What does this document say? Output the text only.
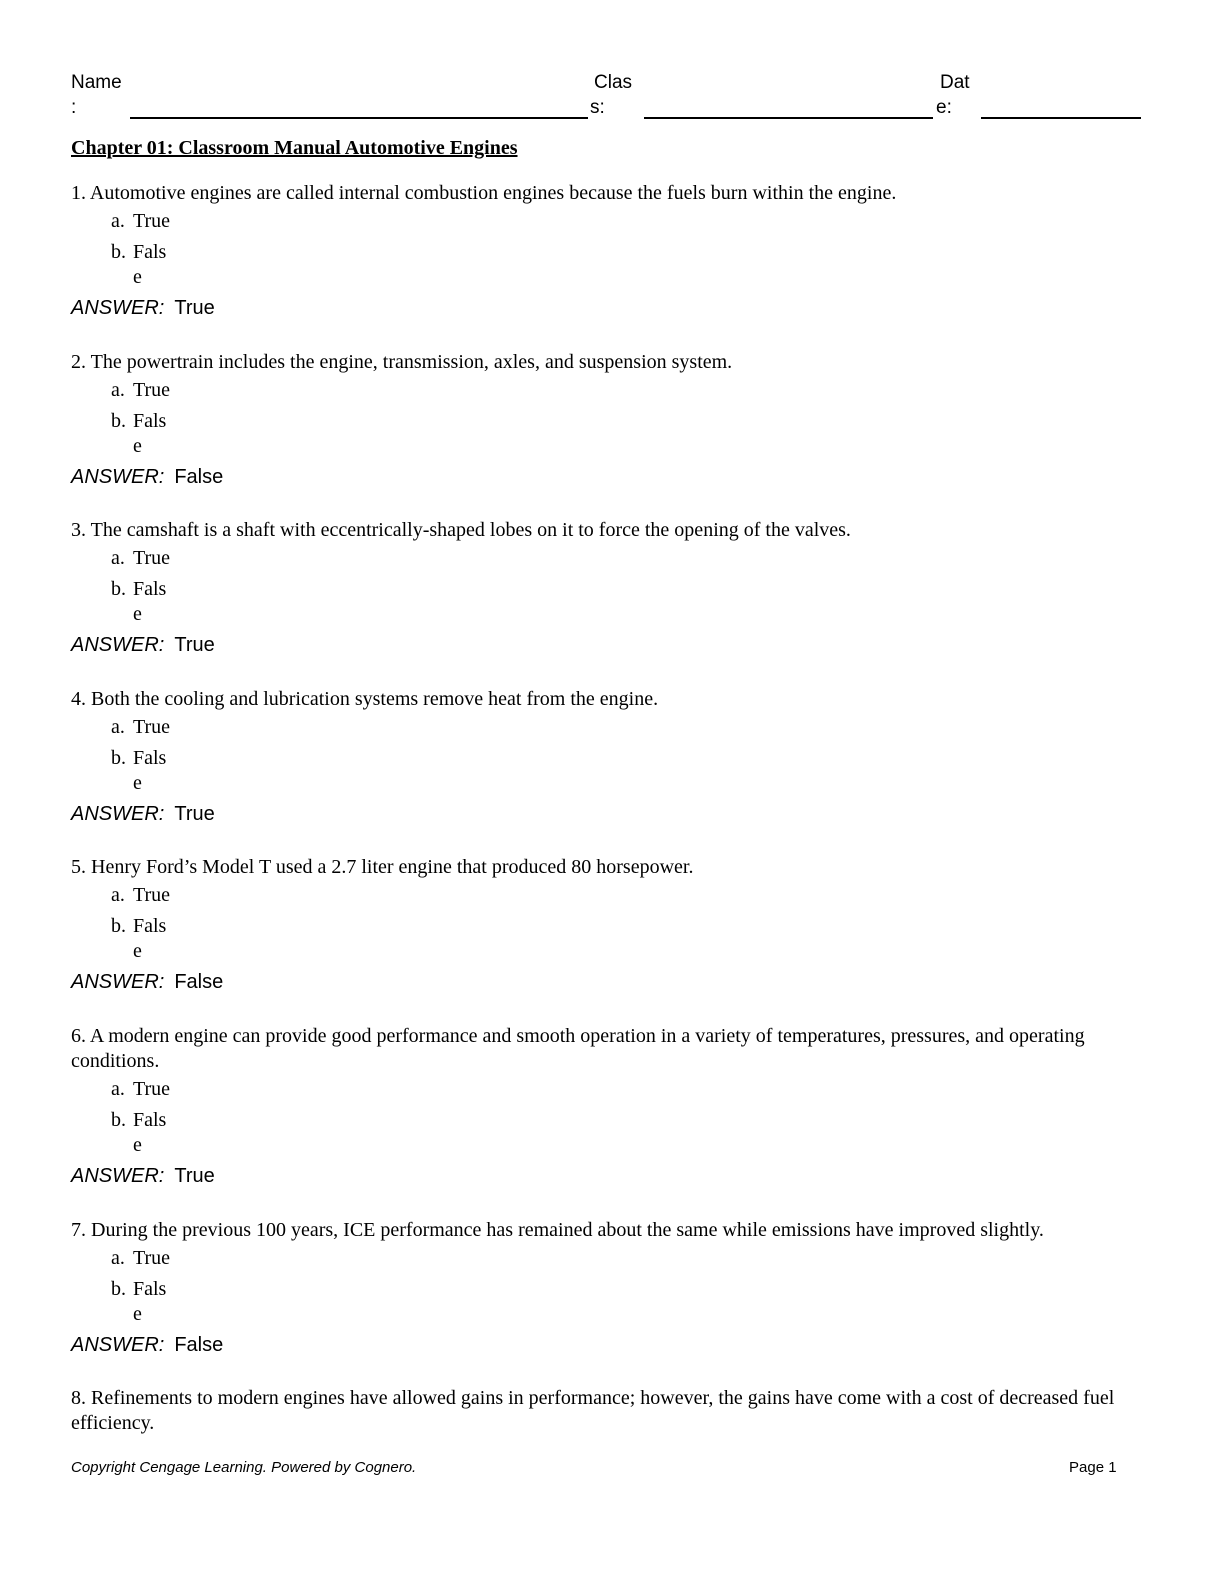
Name
:
Clas
s:
Dat
e:
Chapter 01: Classroom Manual Automotive Engines
1. Automotive engines are called internal combustion engines because the fuels burn within the engine.
a. True
b. False
ANSWER: True
2. The powertrain includes the engine, transmission, axles, and suspension system.
a. True
b. False
ANSWER: False
3. The camshaft is a shaft with eccentrically-shaped lobes on it to force the opening of the valves.
a. True
b. False
ANSWER: True
4. Both the cooling and lubrication systems remove heat from the engine.
a. True
b. False
ANSWER: True
5. Henry Ford’s Model T used a 2.7 liter engine that produced 80 horsepower.
a. True
b. False
ANSWER: False
6. A modern engine can provide good performance and smooth operation in a variety of temperatures, pressures, and operating conditions.
a. True
b. False
ANSWER: True
7. During the previous 100 years, ICE performance has remained about the same while emissions have improved slightly.
a. True
b. False
ANSWER: False
8. Refinements to modern engines have allowed gains in performance; however, the gains have come with a cost of decreased fuel efficiency.
Copyright Cengage Learning. Powered by Cognero.	Page 1
